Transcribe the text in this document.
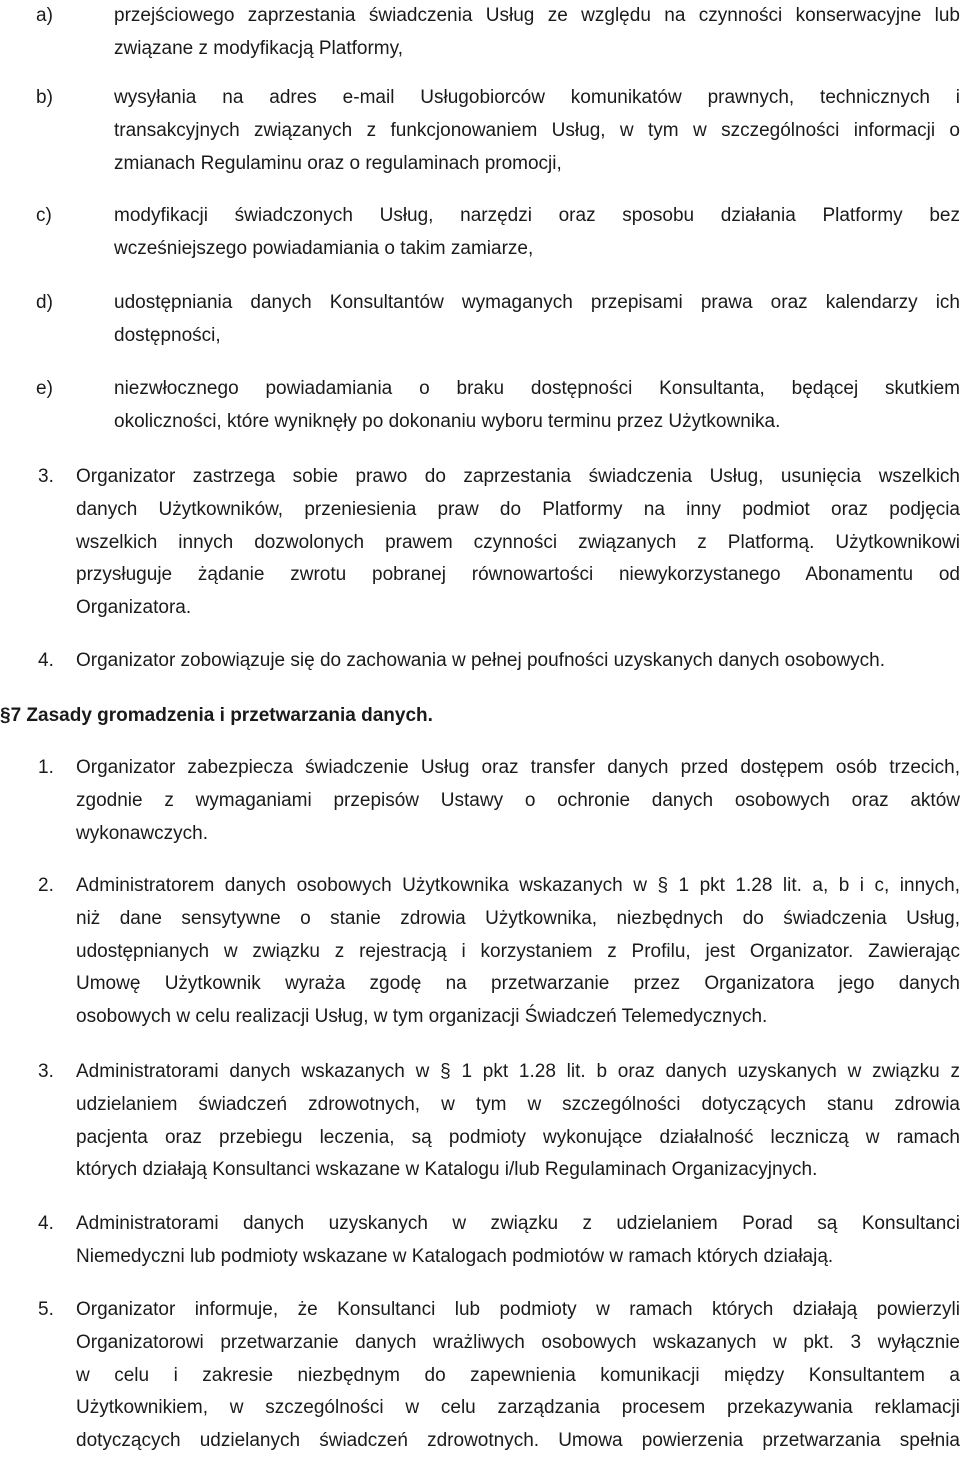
a)	przejściowego zaprzestania świadczenia Usług ze względu na czynności konserwacyjne lub
związane z modyfikacją Platformy,
b)	wysyłania na adres e-mail Usługobiorców komunikatów prawnych, technicznych i
transakcyjnych związanych z funkcjonowaniem Usług, w tym w szczególności informacji o
zmianach Regulaminu oraz o regulaminach promocji,
c)	modyfikacji świadczonych Usług, narzędzi oraz sposobu działania Platformy bez
wcześniejszego powiadamiania o takim zamiarze,
d)	udostępniania danych Konsultantów wymaganych przepisami prawa oraz kalendarzy ich
dostępności,
e)	niezwłocznego powiadamiania o braku dostępności Konsultanta, będącej skutkiem
okoliczności, które wyniknęły po dokonaniu wyboru terminu przez Użytkownika.
3. Organizator zastrzega sobie prawo do zaprzestania świadczenia Usług, usunięcia wszelkich
danych Użytkowników, przeniesienia praw do Platformy na inny podmiot oraz podjęcia
wszelkich innych dozwolonych prawem czynności związanych z Platformą. Użytkownikowi
przysługuje żądanie zwrotu pobranej równowartości niewykorzystanego Abonamentu od
Organizatora.
4. Organizator zobowiązuje się do zachowania w pełnej poufności uzyskanych danych osobowych.
§7 Zasady gromadzenia i przetwarzania danych.
1. Organizator zabezpiecza świadczenie Usług oraz transfer danych przed dostępem osób trzecich,
zgodnie z wymaganiami przepisów Ustawy o ochronie danych osobowych oraz aktów
wykonawczych.
2. Administratorem danych osobowych Użytkownika wskazanych w § 1 pkt 1.28 lit. a, b i c, innych,
niż dane sensytywne o stanie zdrowia Użytkownika, niezbędnych do świadczenia Usług,
udostępnianych w związku z rejestracją i korzystaniem z Profilu, jest Organizator. Zawierając
Umowę Użytkownik wyraża zgodę na przetwarzanie przez Organizatora jego danych
osobowych w celu realizacji Usług, w tym organizacji Świadczeń Telemedycznych.
3. Administratorami danych wskazanych w § 1 pkt 1.28 lit. b oraz danych uzyskanych w związku z
udzielaniem świadczeń zdrowotnych, w tym w szczególności dotyczących stanu zdrowia
pacjenta oraz przebiegu leczenia, są podmioty wykonujące działalność leczniczą w ramach
których działają Konsultanci wskazane w Katalogu i/lub Regulaminach Organizacyjnych.
4. Administratorami danych uzyskanych w związku z udzielaniem Porad są Konsultanci
Niemedyczni lub podmioty wskazane w Katalogach podmiotów w ramach których działają.
5. Organizator informuje, że Konsultanci lub podmioty w ramach których działają powierzyli
Organizatorowi przetwarzanie danych wrażliwych osobowych wskazanych w pkt. 3 wyłącznie
w celu i zakresie niezbędnym do zapewnienia komunikacji między Konsultantem a
Użytkownikiem, w szczególności w celu zarządzania procesem przekazywania reklamacji
dotyczących udzielanych świadczeń zdrowotnych. Umowa powierzenia przetwarzania spełnia
